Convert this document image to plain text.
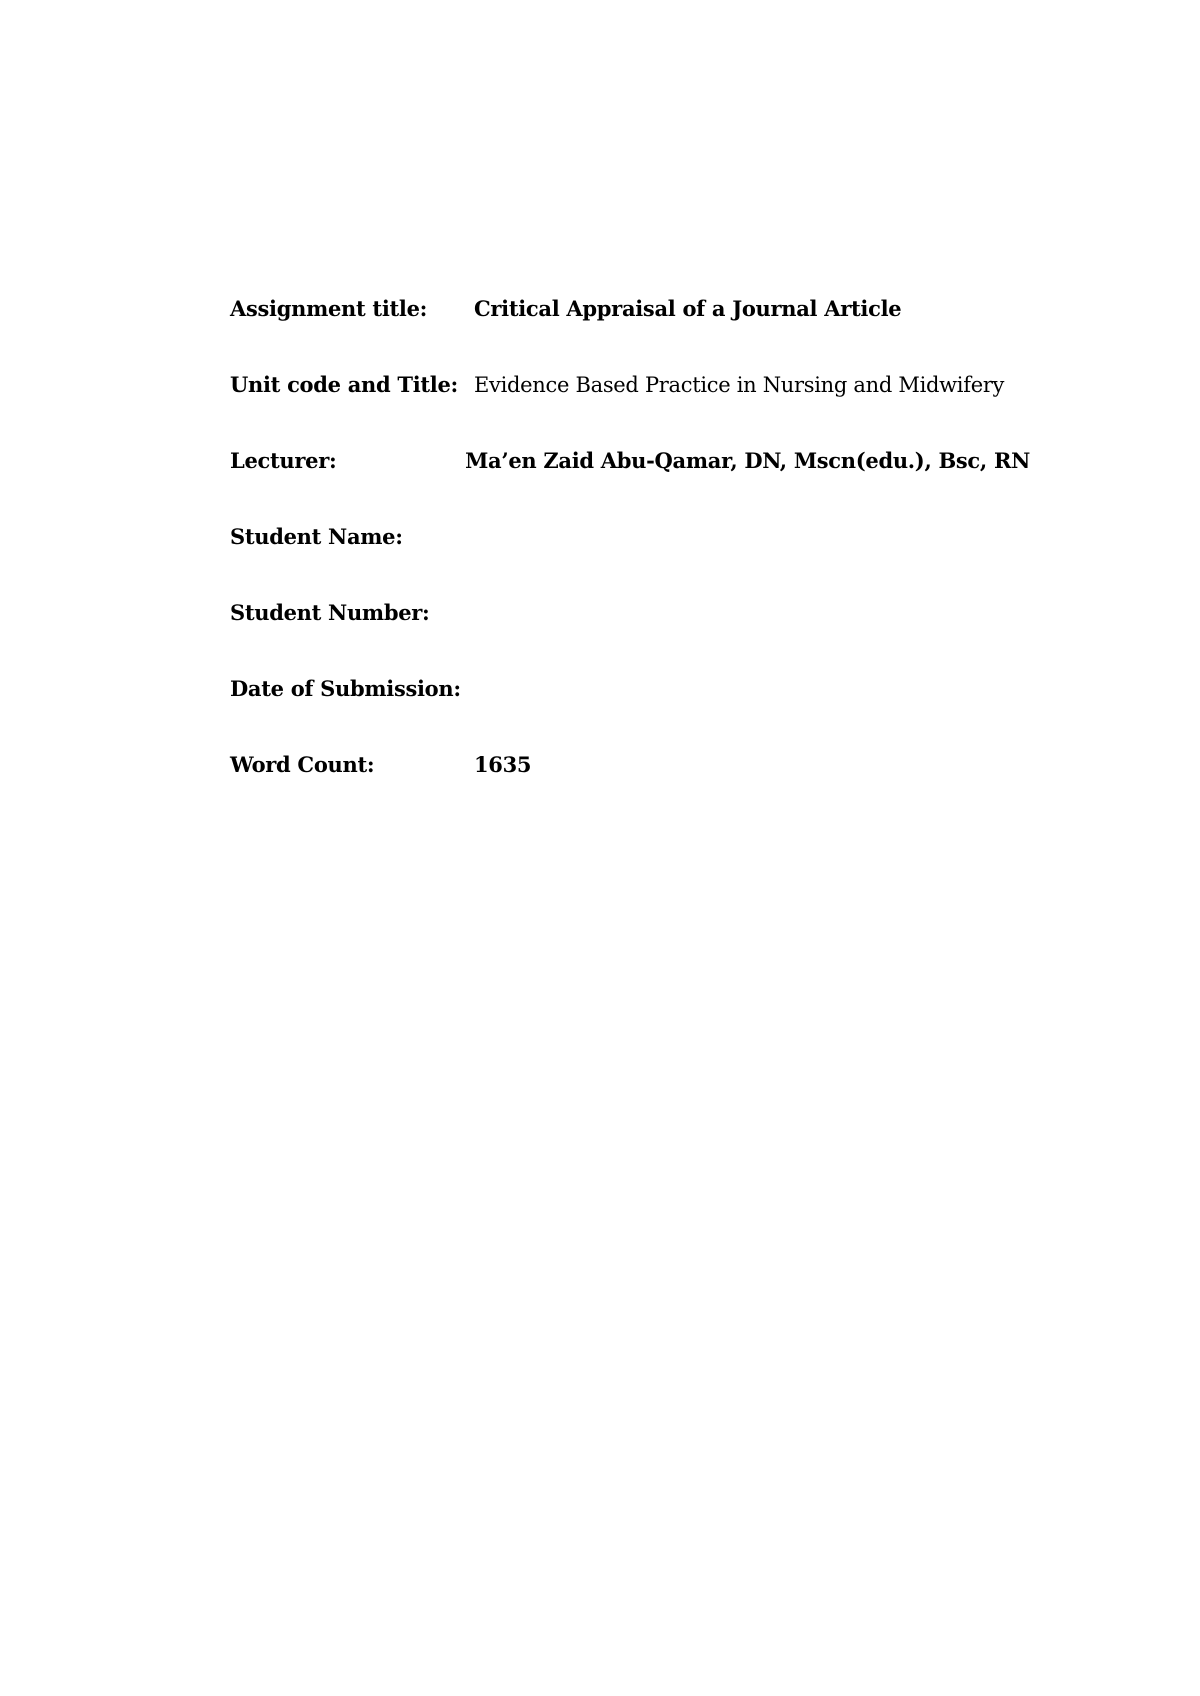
Assignment title:	Critical Appraisal of a Journal Article
Unit code and Title: Evidence Based Practice in Nursing and Midwifery
Lecturer:	Ma’en Zaid Abu-Qamar, DN, Mscn(edu.), Bsc, RN
Student Name:
Student Number:
Date of Submission:
Word Count:	1635
